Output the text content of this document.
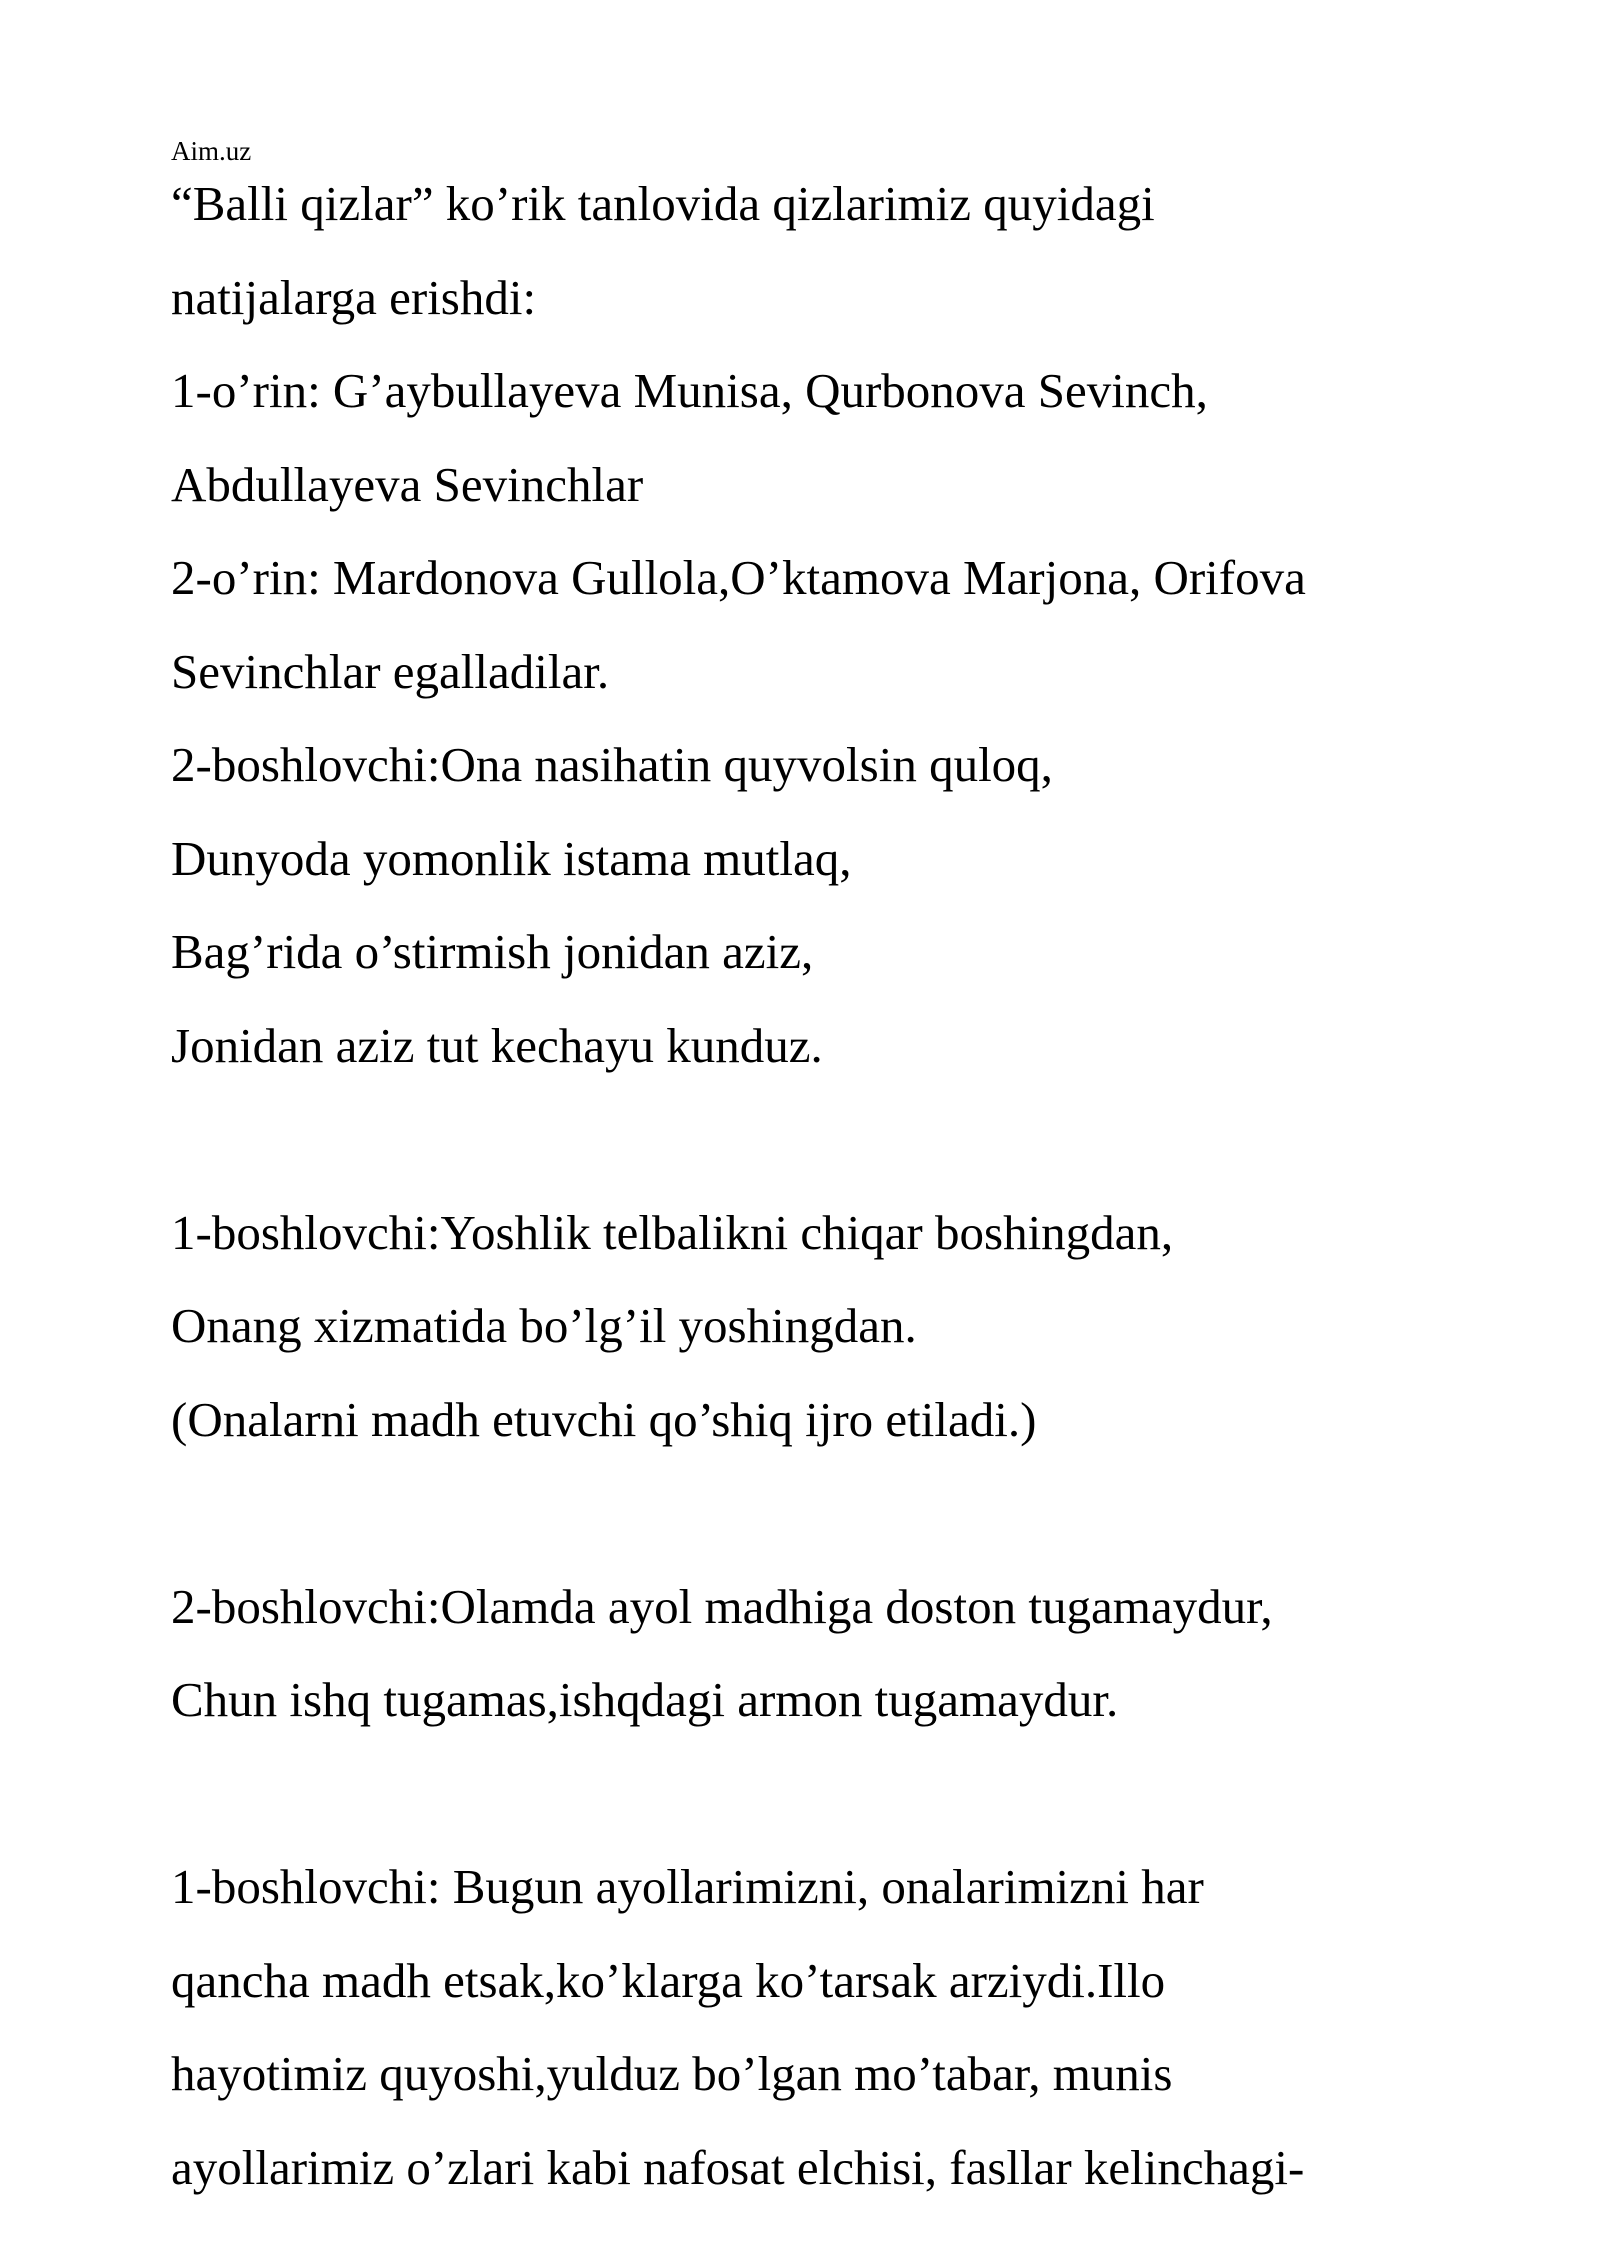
Aim.uz
“Balli qizlar” ko’rik tanlovida qizlarimiz quyidagi
natijalarga erishdi:
1-o’rin: G’aybullayeva Munisa, Qurbonova Sevinch,
Abdullayeva Sevinchlar
2-o’rin: Mardonova Gullola,O’ktamova Marjona, Orifova
Sevinchlar egalladilar.
2-boshlovchi:Ona nasihatin quyvolsin quloq,
Dunyoda yomonlik istama mutlaq,
Bag’rida o’stirmish jonidan aziz,
Jonidan aziz tut kechayu kunduz.
1-boshlovchi:Yoshlik telbalikni chiqar boshingdan,
Onang xizmatida bo’lg’il yoshingdan.
(Onalarni madh etuvchi qo’shiq ijro etiladi.)
2-boshlovchi:Olamda ayol madhiga doston tugamaydur,
Chun ishq tugamas,ishqdagi armon tugamaydur.
1-boshlovchi: Bugun ayollarimizni, onalarimizni har
qancha madh etsak,ko’klarga ko’tarsak arziydi.Illo
hayotimiz quyoshi,yulduz bo’lgan mo’tabar, munis
ayollarimiz o’zlari kabi nafosat elchisi, fasllar kelinchagi-
